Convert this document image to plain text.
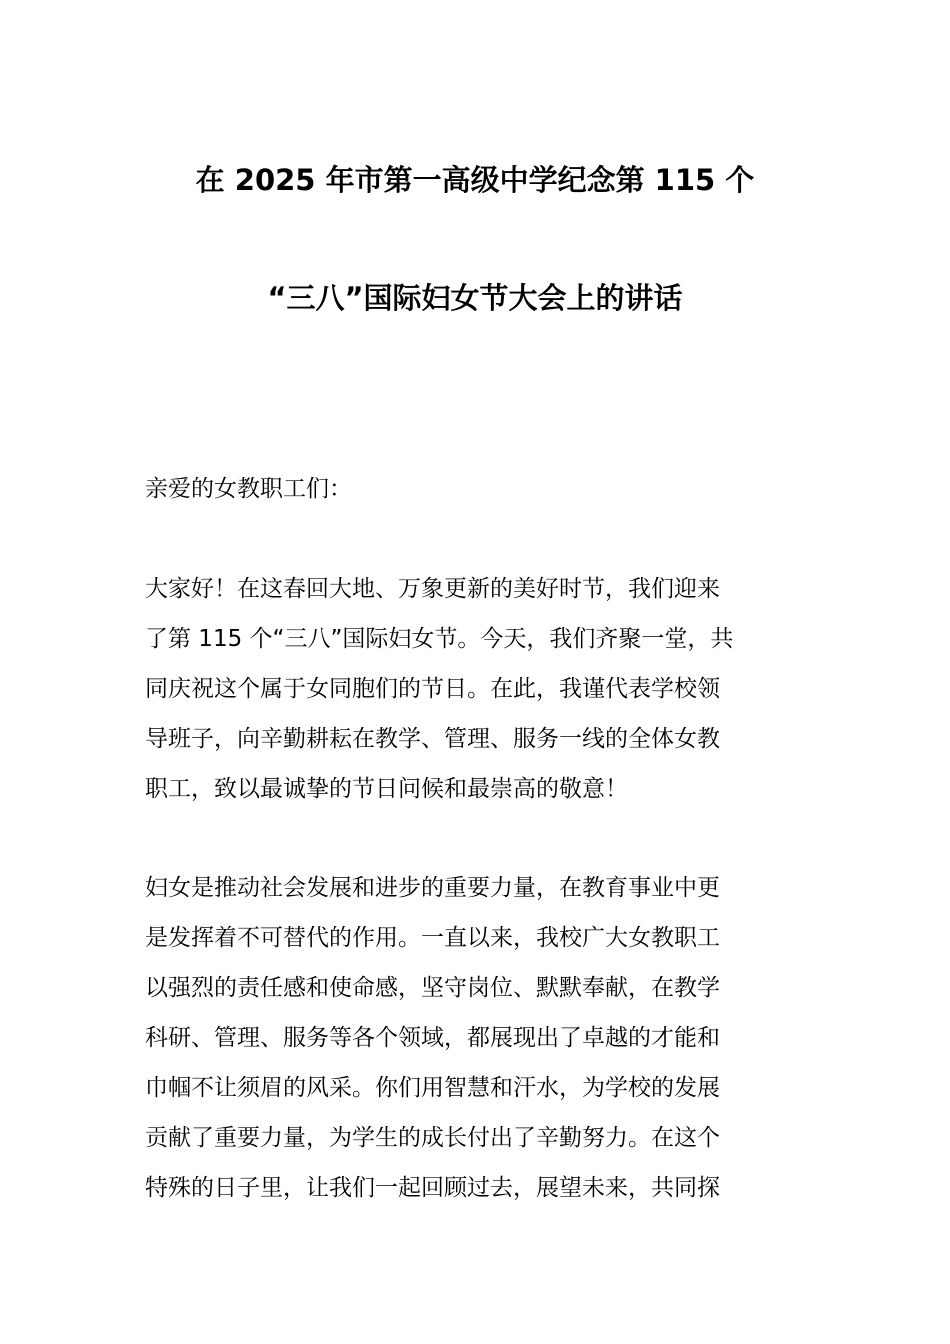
在 2025 年市第一高级中学纪念第 115 个
“三八”国际妇女节大会上的讲话
亲爱的女教职工们：
大家好！在这春回大地、万象更新的美好时节，我们迎来
了第 115 个“三八”国际妇女节。今天，我们齐聚一堂，共
同庆祝这个属于女同胞们的节日。在此，我谨代表学校领
导班子，向辛勤耕耘在教学、管理、服务一线的全体女教
职工，致以最诚挚的节日问候和最崇高的敬意！
妇女是推动社会发展和进步的重要力量，在教育事业中更
是发挥着不可替代的作用。一直以来，我校广大女教职工
以强烈的责任感和使命感，坚守岗位、默默奉献，在教学
科研、管理、服务等各个领域，都展现出了卓越的才能和
巾帼不让须眉的风采。你们用智慧和汗水，为学校的发展
贡献了重要力量，为学生的成长付出了辛勤努力。在这个
特殊的日子里，让我们一起回顾过去，展望未来，共同探
